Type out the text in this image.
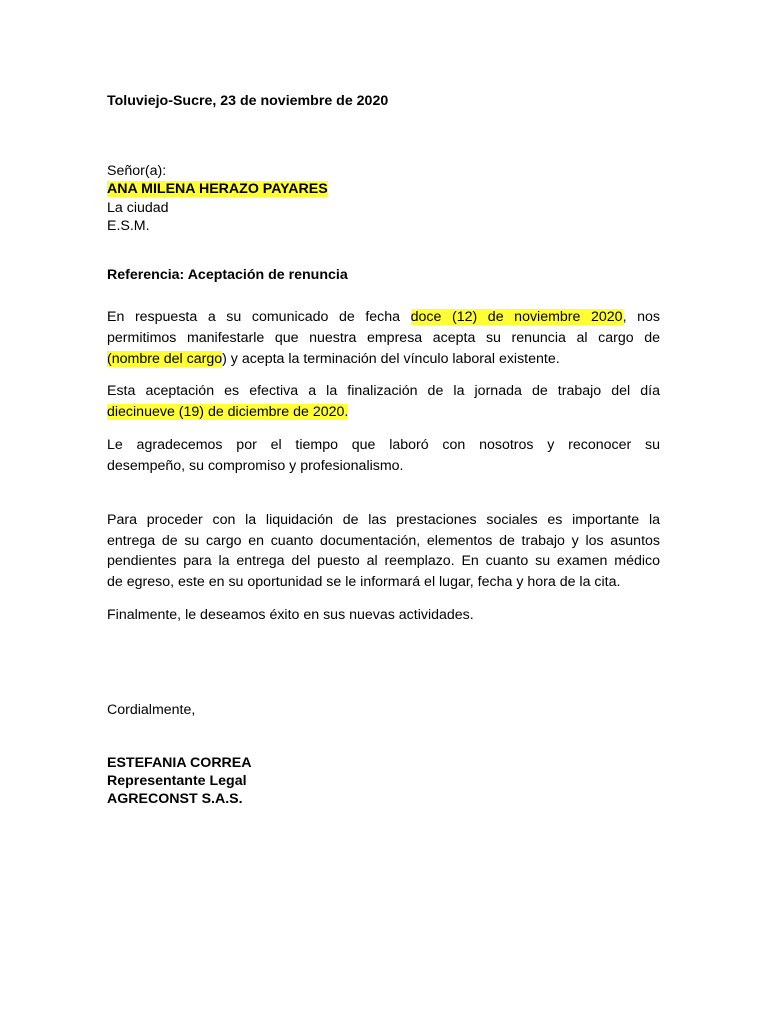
Toluviejo-Sucre, 23 de noviembre de 2020
Señor(a):
ANA MILENA HERAZO PAYARES
La ciudad
E.S.M.
Referencia: Aceptación de renuncia
En respuesta a su comunicado de fecha doce (12) de noviembre 2020, nos
permitimos manifestarle que nuestra empresa acepta su renuncia al cargo de
(nombre del cargo) y acepta la terminación del vínculo laboral existente.
Esta aceptación es efectiva a la finalización de la jornada de trabajo del día
diecinueve (19) de diciembre de 2020.
Le agradecemos por el tiempo que laboró con nosotros y reconocer su
desempeño, su compromiso y profesionalismo.
Para proceder con la liquidación de las prestaciones sociales es importante la
entrega de su cargo en cuanto documentación, elementos de trabajo y los asuntos
pendientes para la entrega del puesto al reemplazo. En cuanto su examen médico
de egreso, este en su oportunidad se le informará el lugar, fecha y hora de la cita.
Finalmente, le deseamos éxito en sus nuevas actividades.
Cordialmente,
ESTEFANIA CORREA
Representante Legal
AGRECONST S.A.S.
